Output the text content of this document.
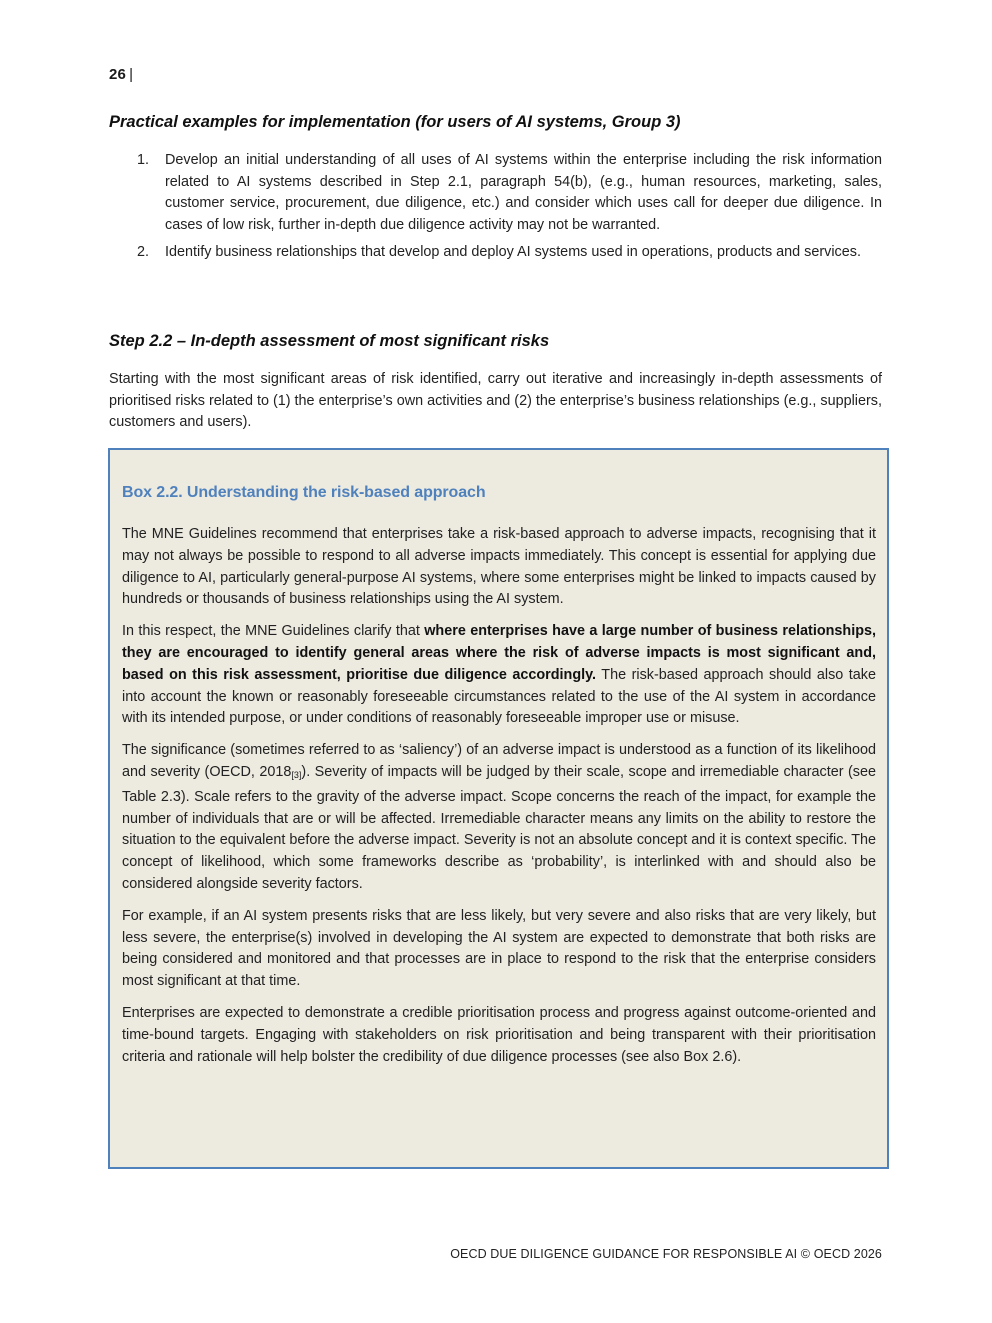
26 |
Practical examples for implementation (for users of AI systems, Group 3)
1. Develop an initial understanding of all uses of AI systems within the enterprise including the risk information related to AI systems described in Step 2.1, paragraph 54(b), (e.g., human resources, marketing, sales, customer service, procurement, due diligence, etc.) and consider which uses call for deeper due diligence. In cases of low risk, further in-depth due diligence activity may not be warranted.
2. Identify business relationships that develop and deploy AI systems used in operations, products and services.
Step 2.2 – In-depth assessment of most significant risks

Starting with the most significant areas of risk identified, carry out iterative and increasingly in-depth assessments of prioritised risks related to (1) the enterprise’s own activities and (2) the enterprise’s business relationships (e.g., suppliers, customers and users).

Box 2.2. Understanding the risk-based approach

The MNE Guidelines recommend that enterprises take a risk-based approach to adverse impacts, recognising that it may not always be possible to respond to all adverse impacts immediately. This concept is essential for applying due diligence to AI, particularly general-purpose AI systems, where some enterprises might be linked to impacts caused by hundreds or thousands of business relationships using the AI system.

In this respect, the MNE Guidelines clarify that where enterprises have a large number of business relationships, they are encouraged to identify general areas where the risk of adverse impacts is most significant and, based on this risk assessment, prioritise due diligence accordingly. The risk-based approach should also take into account the known or reasonably foreseeable circumstances related to the use of the AI system in accordance with its intended purpose, or under conditions of reasonably foreseeable improper use or misuse.

The significance (sometimes referred to as ‘saliency’) of an adverse impact is understood as a function of its likelihood and severity (OECD, $2018_{[3]}$). Severity of impacts will be judged by their scale, scope and irremediable character (see Table 2.3). Scale refers to the gravity of the adverse impact. Scope concerns the reach of the impact, for example the number of individuals that are or will be affected. Irremediable character means any limits on the ability to restore the situation to the equivalent before the adverse impact. Severity is not an absolute concept and it is context specific. The concept of likelihood, which some frameworks describe as ‘probability’, is interlinked with and should also be considered alongside severity factors.

For example, if an AI system presents risks that are less likely, but very severe and also risks that are very likely, but less severe, the enterprise(s) involved in developing the AI system are expected to demonstrate that both risks are being considered and monitored and that processes are in place to respond to the risk that the enterprise considers most significant at that time.

Enterprises are expected to demonstrate a credible prioritisation process and progress against outcome-oriented and time-bound targets. Engaging with stakeholders on risk prioritisation and being transparent with their prioritisation criteria and rationale will help bolster the credibility of due diligence processes (see also Box 2.6).

OECD DUE DILIGENCE GUIDANCE FOR RESPONSIBLE AI © OECD 2026
